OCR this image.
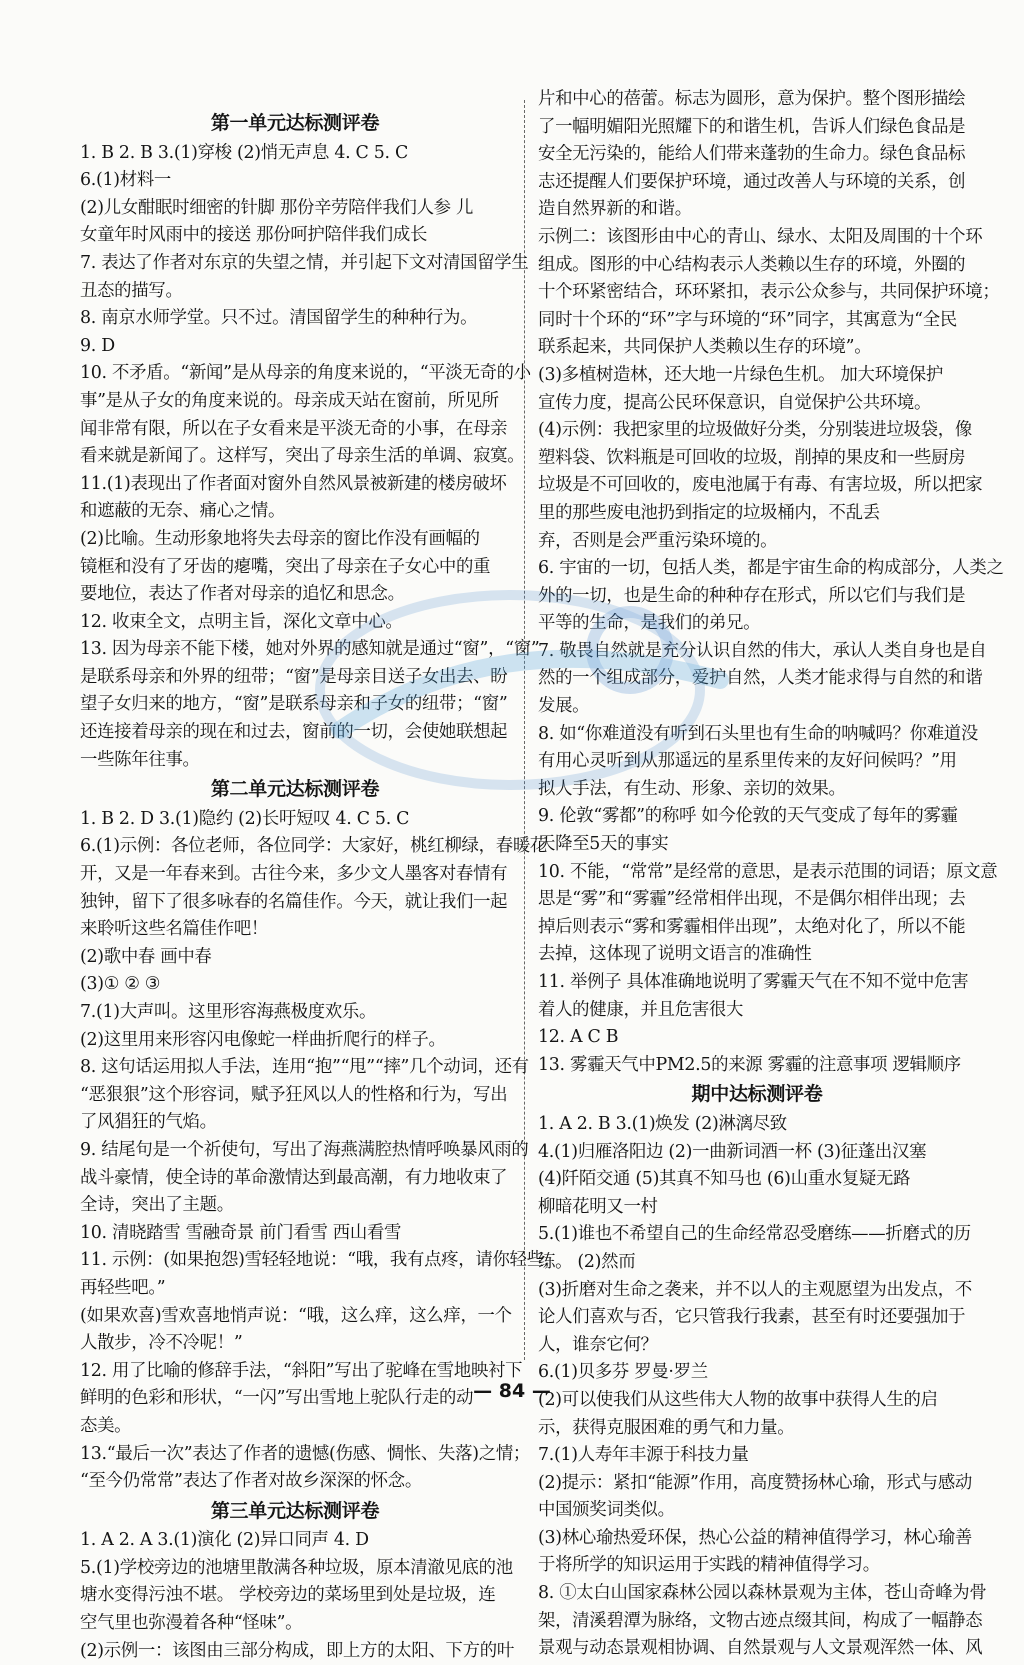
第一单元达标测评卷
1. B 2. B 3.(1)穿梭 (2)悄无声息 4. C 5. C
6.(1)材料一
(2)儿女酣眠时细密的针脚 那份辛劳陪伴我们人参 儿
女童年时风雨中的接送 那份呵护陪伴我们成长
7. 表达了作者对东京的失望之情，并引起下文对清国留学生
丑态的描写。
8. 南京水师学堂。只不过。清国留学生的种种行为。
9. D
10. 不矛盾。“新闻”是从母亲的角度来说的，“平淡无奇的小
事”是从子女的角度来说的。母亲成天站在窗前，所见所
闻非常有限，所以在子女看来是平淡无奇的小事，在母亲
看来就是新闻了。这样写，突出了母亲生活的单调、寂寞。
11.(1)表现出了作者面对窗外自然风景被新建的楼房破坏
和遮蔽的无奈、痛心之情。
(2)比喻。生动形象地将失去母亲的窗比作没有画幅的
镜框和没有了牙齿的瘪嘴，突出了母亲在子女心中的重
要地位，表达了作者对母亲的追忆和思念。
12. 收束全文，点明主旨，深化文章中心。
13. 因为母亲不能下楼，她对外界的感知就是通过“窗”，“窗”
是联系母亲和外界的纽带；“窗”是母亲目送子女出去、盼
望子女归来的地方，“窗”是联系母亲和子女的纽带；“窗”
还连接着母亲的现在和过去，窗前的一切，会使她联想起
一些陈年往事。
第二单元达标测评卷
1. B 2. D 3.(1)隐约 (2)长吁短叹 4. C 5. C
6.(1)示例：各位老师，各位同学：大家好，桃红柳绿，春暖花
开，又是一年春来到。古往今来，多少文人墨客对春情有
独钟，留下了很多咏春的名篇佳作。今天，就让我们一起
来聆听这些名篇佳作吧！
(2)歌中春 画中春
(3)① ② ③
7.(1)大声叫。这里形容海燕极度欢乐。
(2)这里用来形容闪电像蛇一样曲折爬行的样子。
8. 这句话运用拟人手法，连用“抱”“甩”“摔”几个动词，还有
“恶狠狠”这个形容词，赋予狂风以人的性格和行为，写出
了风猖狂的气焰。
9. 结尾句是一个祈使句，写出了海燕满腔热情呼唤暴风雨的
战斗豪情，使全诗的革命激情达到最高潮，有力地收束了
全诗，突出了主题。
10. 清晓踏雪 雪融奇景 前门看雪 西山看雪
11. 示例：(如果抱怨)雪轻轻地说：“哦，我有点疼，请你轻些，
再轻些吧。”
(如果欢喜)雪欢喜地悄声说：“哦，这么痒，这么痒，一个
人散步，冷不冷呢！”
12. 用了比喻的修辞手法，“斜阳”写出了驼峰在雪地映衬下
鲜明的色彩和形状，“一闪”写出雪地上驼队行走的动
态美。
13.“最后一次”表达了作者的遗憾(伤感、惆怅、失落)之情；
“至今仍常常”表达了作者对故乡深深的怀念。
第三单元达标测评卷
1. A 2. A 3.(1)演化 (2)异口同声 4. D
5.(1)学校旁边的池塘里散满各种垃圾，原本清澈见底的池
塘水变得污浊不堪。 学校旁边的菜场里到处是垃圾，连
空气里也弥漫着各种“怪味”。
(2)示例一：该图由三部分构成，即上方的太阳、下方的叶
片和中心的蓓蕾。标志为圆形，意为保护。整个图形描绘
了一幅明媚阳光照耀下的和谐生机，告诉人们绿色食品是
安全无污染的，能给人们带来蓬勃的生命力。绿色食品标
志还提醒人们要保护环境，通过改善人与环境的关系，创
造自然界新的和谐。
示例二：该图形由中心的青山、绿水、太阳及周围的十个环
组成。图形的中心结构表示人类赖以生存的环境，外圈的
十个环紧密结合，环环紧扣，表示公众参与，共同保护环境；
同时十个环的“环”字与环境的“环”同字，其寓意为“全民
联系起来，共同保护人类赖以生存的环境”。
(3)多植树造林，还大地一片绿色生机。 加大环境保护
宣传力度，提高公民环保意识，自觉保护公共环境。
(4)示例：我把家里的垃圾做好分类，分别装进垃圾袋，像
塑料袋、饮料瓶是可回收的垃圾，削掉的果皮和一些厨房
垃圾是不可回收的，废电池属于有毒、有害垃圾，所以把家
里的那些废电池扔到指定的垃圾桶内，不乱丢
弃，否则是会严重污染环境的。
6. 宇宙的一切，包括人类，都是宇宙生命的构成部分，人类之
外的一切，也是生命的种种存在形式，所以它们与我们是
平等的生命，是我们的弟兄。
7. 敬畏自然就是充分认识自然的伟大，承认人类自身也是自
然的一个组成部分，爱护自然，人类才能求得与自然的和谐
发展。
8. 如“你难道没有听到石头里也有生命的呐喊吗？你难道没
有用心灵听到从那遥远的星系里传来的友好问候吗？”用
拟人手法，有生动、形象、亲切的效果。
9. 伦敦“雾都”的称呼 如今伦敦的天气变成了每年的雾霾
天降至5天的事实
10. 不能，“常常”是经常的意思，是表示范围的词语；原文意
思是“雾”和“雾霾”经常相伴出现，不是偶尔相伴出现；去
掉后则表示“雾和雾霾相伴出现”，太绝对化了，所以不能
去掉，这体现了说明文语言的准确性
11. 举例子 具体准确地说明了雾霾天气在不知不觉中危害
着人的健康，并且危害很大
12. A C B
13. 雾霾天气中PM2.5的来源 雾霾的注意事项 逻辑顺序
期中达标测评卷
1. A 2. B 3.(1)焕发 (2)淋漓尽致
4.(1)归雁洛阳边 (2)一曲新词酒一杯 (3)征蓬出汉塞
(4)阡陌交通 (5)其真不知马也 (6)山重水复疑无路
柳暗花明又一村
5.(1)谁也不希望自己的生命经常忍受磨练——折磨式的历
练。 (2)然而
(3)折磨对生命之袭来，并不以人的主观愿望为出发点，不
论人们喜欢与否，它只管我行我素，甚至有时还要强加于
人，谁奈它何？
6.(1)贝多芬 罗曼·罗兰
(2)可以使我们从这些伟大人物的故事中获得人生的启
示，获得克服困难的勇气和力量。
7.(1)人寿年丰源于科技力量
(2)提示：紧扣“能源”作用，高度赞扬林心瑜，形式与感动
中国颁奖词类似。
(3)林心瑜热爱环保，热心公益的精神值得学习，林心瑜善
于将所学的知识运用于实践的精神值得学习。
8. ①太白山国家森林公园以森林景观为主体，苍山奇峰为骨
架，清溪碧潭为脉络，文物古迹点缀其间，构成了一幅静态
景观与动态景观相协调、自然景观与人文景观浑然一体、风
— 84 —
